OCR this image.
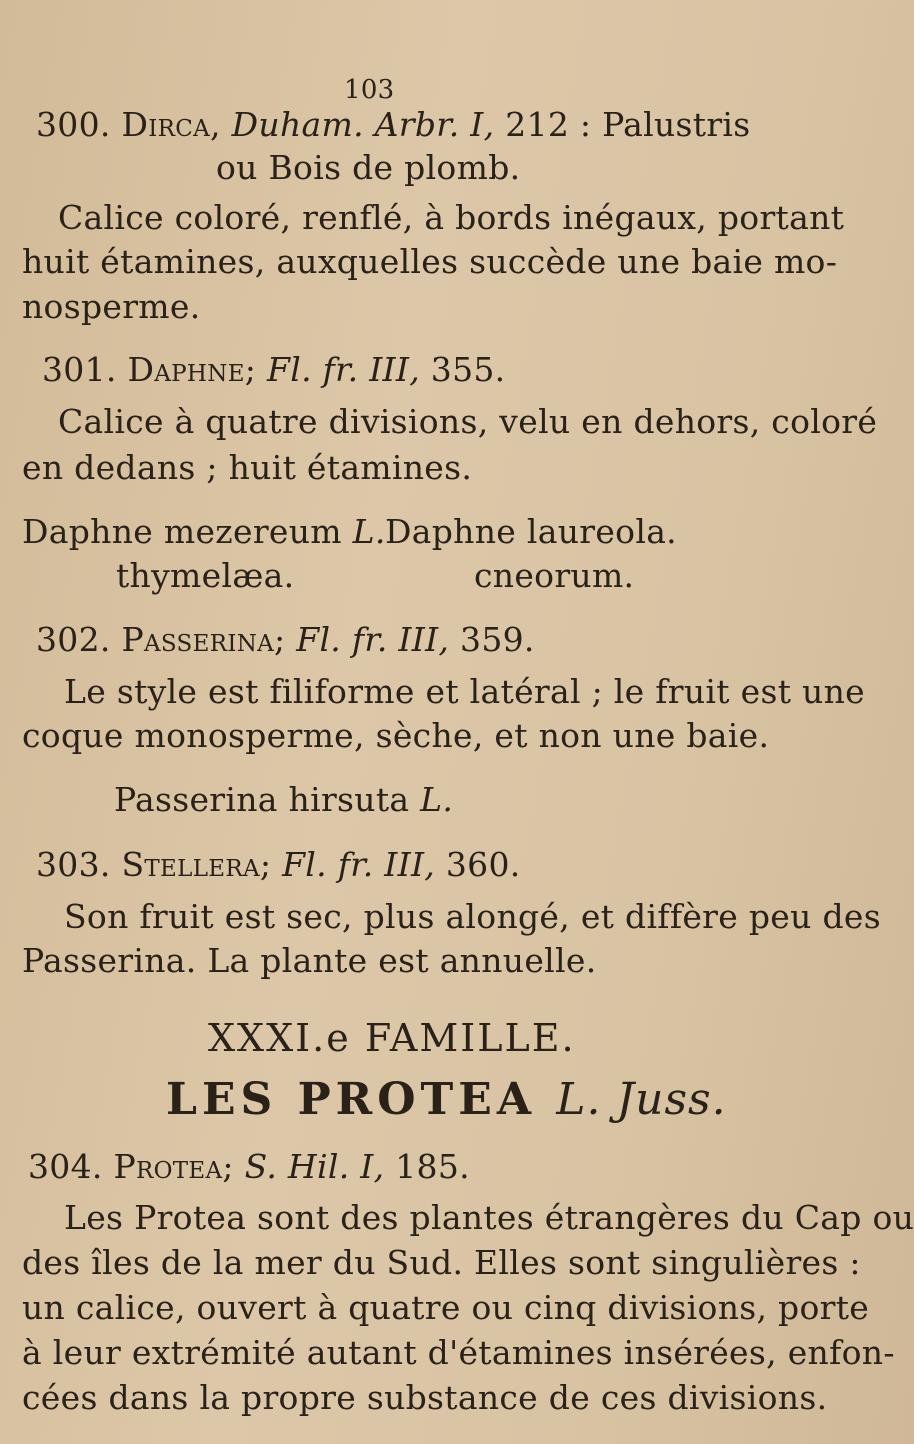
103
300. Dirca, Duham. Arbr. I, 212 : Palustris
ou Bois de plomb.
Calice coloré, renflé, à bords inégaux, portant
huit étamines, auxquelles succède une baie mo-
nosperme.
301. Daphne; Fl. fr. III, 355.
Calice à quatre divisions, velu en dehors, coloré
en dedans ; huit étamines.
Daphne mezereum L. Daphne laureola.
thymelæa.	cneorum.
302. Passerina; Fl. fr. III, 359.
Le style est filiforme et latéral ; le fruit est une
coque monosperme, sèche, et non une baie.
Passerina hirsuta L.
303. Stellera; Fl. fr. III, 360.
Son fruit est sec, plus alongé, et diffère peu des
Passerina. La plante est annuelle.
XXXI.e FAMILLE.
LES PROTEA L. Juss.
304. Protea; S. Hil. I, 185.
Les Protea sont des plantes étrangères du Cap ou
des îles de la mer du Sud. Elles sont singulières :
un calice, ouvert à quatre ou cinq divisions, porte
à leur extrémité autant d'étamines insérées, enfon-
cées dans la propre substance de ces divisions.
